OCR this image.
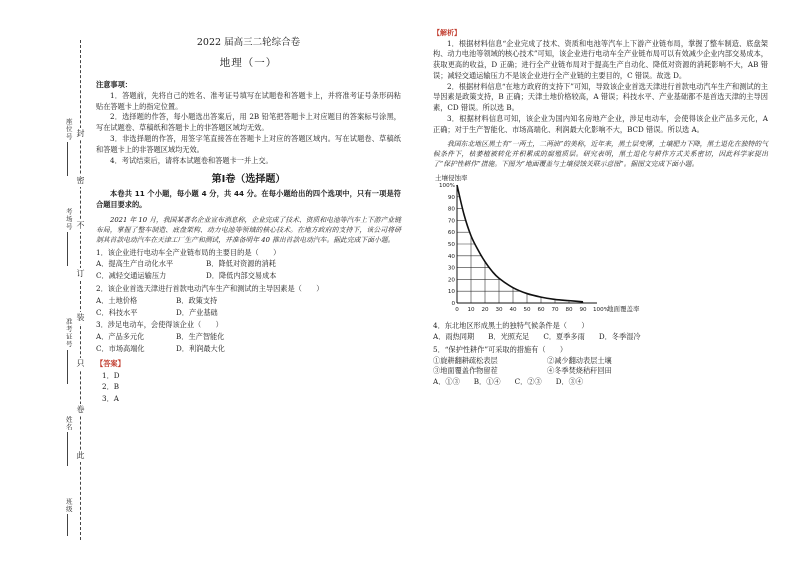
封
密
不
订
装
只
卷
此
座位号
考场号
准考证号
姓名
班级
2022 届高三二轮综合卷
地理（一）
注意事项：

1．答题前，先将自己的姓名、准考证号填写在试题卷和答题卡上，并将准考证号条形码粘贴在答题卡上的指定位置。

2．选择题的作答，每小题选出答案后，用 2B 铅笔把答题卡上对应题目的答案标号涂黑，写在试题卷、草稿纸和答题卡上的非答题区域均无效。

3．非选择题的作答，用签字笔直接答在答题卡上对应的答题区域内。写在试题卷、草稿纸和答题卡上的非答题区域均无效。

4．考试结束后，请将本试题卷和答题卡一并上交。

第Ⅰ卷（选择题）

本卷共 11 个小题，每小题 4 分，共 44 分。在每小题给出的四个选项中，只有一项是符合题目要求的。

2021 年 10 月，我国某著名企业宣布消息称，企业完成了技术、资质和电池等汽车上下游产业链布局，掌握了整车制造、底盘架构、动力电池等领域的核心技术。在地方政府的支持下，该公司将研制其首款电动汽车在天津工厂生产和测试，并准备明年 40 推出首款电动汽车。据此完成下面小题。

1．该企业进行电动车全产业链布局的主要目的是（　　）

A．提高生产自动化水平	B．降低对资源的消耗
C．减轻交通运输压力	D．降低内部交易成本

2．该企业首选天津进行首款电动汽车生产和测试的主导因素是（　　）

A．土地价格	B．政策支持
C．科技水平	D．产业基础

3．涉足电动车，会使得该企业（　　）

A．产品多元化	B．生产智能化
C．市场高端化	D．利润最大化
【答案】
1．D
2．B
3．A
【解析】

1．根据材料信息“企业完成了技术、资质和电池等汽车上下游产业链布局，掌握了整车制造、底盘架构、动力电池等领域的核心技术”可知，该企业进行电动车全产业链布局可以有效减少企业内部交易成本，获取更高的收益，D 正确；进行全产业链布局对于提高生产自动化、降低对资源的消耗影响不大，AB 错误；减轻交通运输压力不是该企业进行全产业链的主要目的，C 错误。故选 D。

2．根据材料信息“在地方政府的支持下”可知，导致该企业首选天津进行首款电动汽车生产和测试的主导因素是政策支持，B 正确；天津土地价格较高，A 错误；科技水平、产业基础都不是首选天津的主导因素，CD 错误。所以选 B。

3．根据材料信息可知，该企业为国内知名房地产企业，涉足电动车，会使得该企业产品多元化，A 正确；对于生产智能化、市场高端化、利润最大化影响不大，BCD 错误。所以选 A。

我国东北地区黑土有“一两土，二两油”的美称，近年来，黑土层变薄，土壤肥力下降，黑土退化在独特的气候条件下，枯萎植被转化并积累成的腐殖质层。研究表明，黑土退化与耕作方式关系密切，因此科学家提出了“保护性耕作”措施。下图为“地面覆盖与土壤侵蚀关联示意图”。据图文完成下面小题。

土壤侵蚀率
0
10
20
30
40
50
60
70
80
90
100%
0 10 20 30 40 50 60 70 80 90 100%
地面覆盖率

4．东北地区形成黑土的独特气候条件是（　　）

A．雨热同期 B．光照充足 C．夏季多雨 D．冬季湿冷

5．“保护性耕作”可采取的措施有（　　）

①旋耕翻耕疏松表层	②减少翻动表层土壤
③地面覆盖作物留茬	④冬季焚烧秸秆回田
A．①③ B．①④ C．②③ D．③④
